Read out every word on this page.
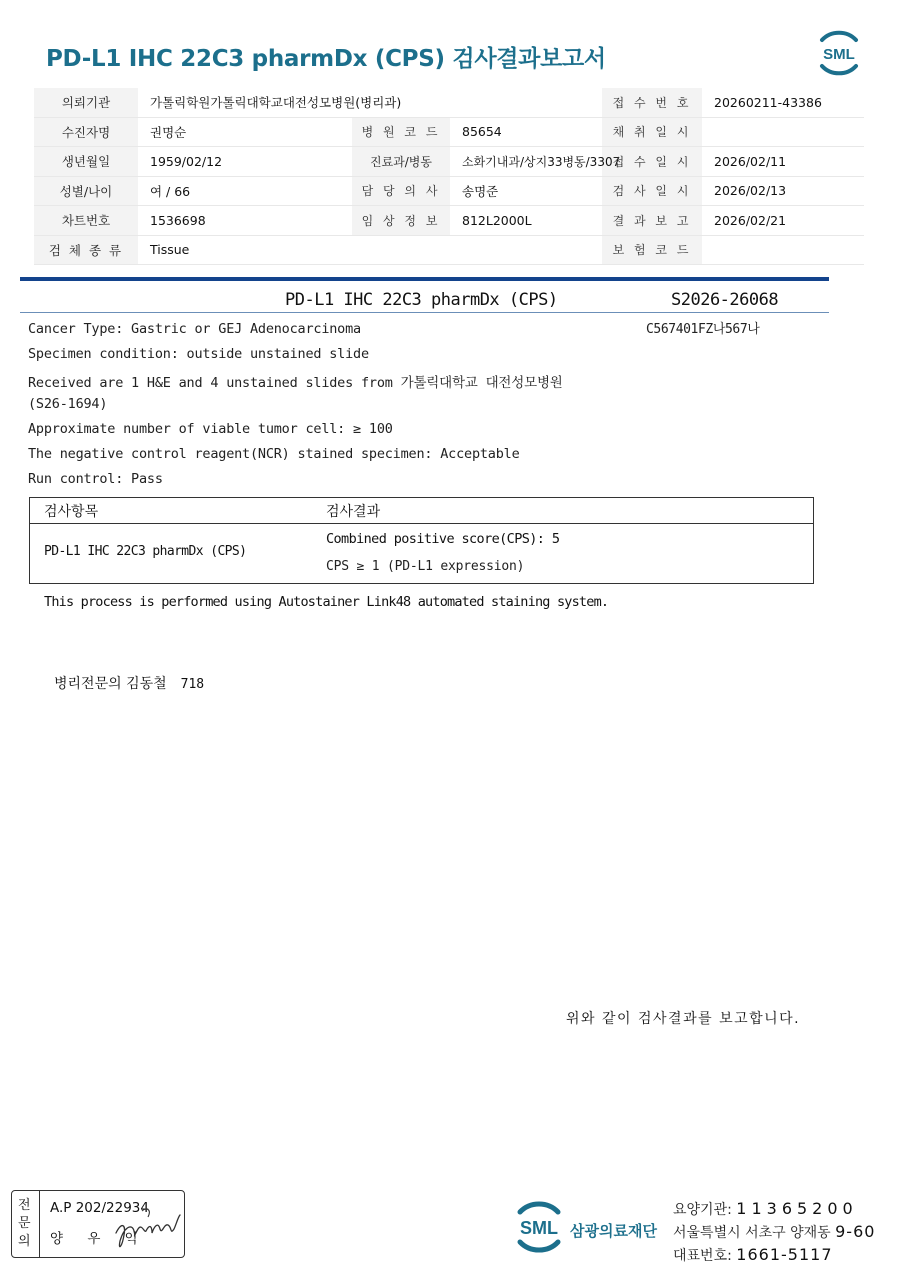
PD-L1 IHC 22C3 pharmDx (CPS) 검사결과보고서	SML
의뢰기관	가톨릭학원가톨릭대학교대전성모병원(병리과)			접 수 번 호	20260211-43386
수진자명	권명순	병 원 코 드	85654	채 취 일 시	
생년월일	1959/02/12	진료과/병동	소화기내과/상지33병동/3307	접 수 일 시	2026/02/11
성별/나이	여 / 66	담 당 의 사	송명준	검 사 일 시	2026/02/13
차트번호	1536698	임 상 정 보	812L2000L	결 과 보 고	2026/02/21
검 체 종 류	Tissue			보 험 코 드	
PD-L1 IHC 22C3 pharmDx (CPS)	S2026-26068
C567401FZ나567나
Cancer Type: Gastric or GEJ Adenocarcinoma
Specimen condition: outside unstained slide
Received are 1 H&E and 4 unstained slides from 가톨릭대학교 대전성모병원
(S26-1694)
Approximate number of viable tumor cell: ≥ 100
The negative control reagent(NCR) stained specimen: Acceptable
Run control: Pass
검사항목	검사결과
PD-L1 IHC 22C3 pharmDx (CPS)
Combined positive score(CPS): 5
CPS ≥ 1 (PD-L1 expression)
This process is performed using Autostainer Link48 automated staining system.
병리전문의 김동철 718
위와 같이 검사결과를 보고합니다.
전
문
의
A.P 202/22934
양 우 익
SML 삼광의료재단
요양기관: 11365200
서울특별시 서초구 양재동 9-60
대표번호: 1661-5117
